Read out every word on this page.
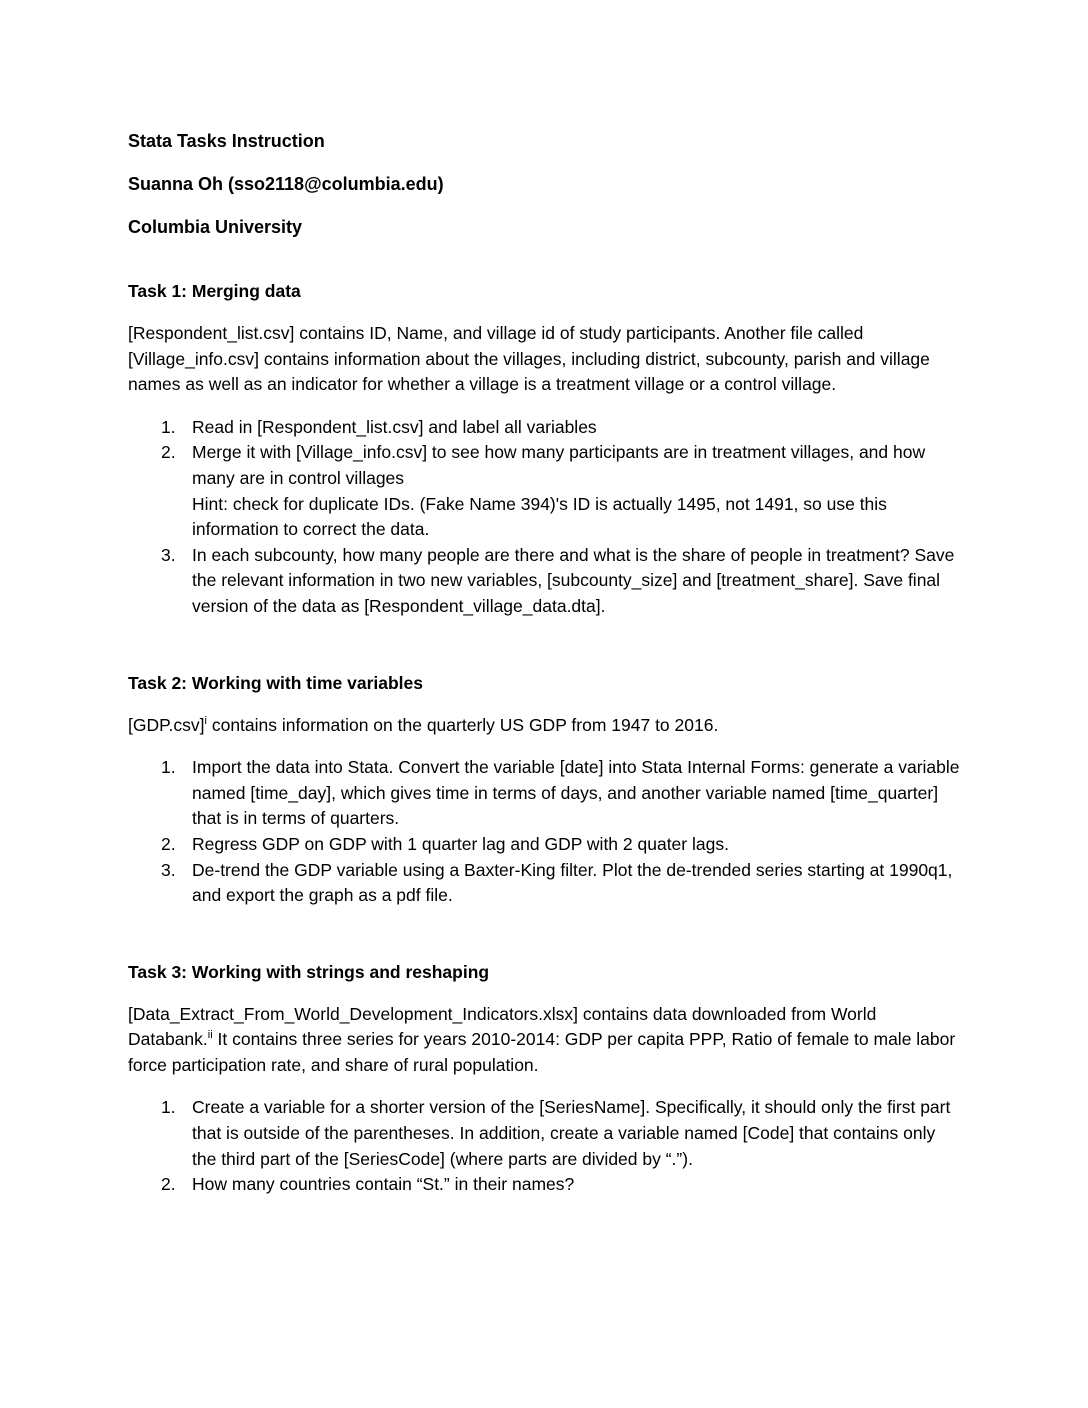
Stata Tasks Instruction

Suanna Oh (sso2118@columbia.edu)

Columbia University

Task 1: Merging data

[Respondent_list.csv] contains ID, Name, and village id of study participants. Another file called [Village_info.csv] contains information about the villages, including district, subcounty, parish and village names as well as an indicator for whether a village is a treatment village or a control village.

Read in [Respondent_list.csv] and label all variables
Merge it with [Village_info.csv] to see how many participants are in treatment villages, and how many are in control villages
Hint: check for duplicate IDs. (Fake Name 394)'s ID is actually 1495, not 1491, so use this information to correct the data.
In each subcounty, how many people are there and what is the share of people in treatment? Save the relevant information in two new variables, [subcounty_size] and [treatment_share]. Save final version of the data as [Respondent_village_data.dta].

Task 2: Working with time variables

[GDP.csv]$^i$ contains information on the quarterly US GDP from 1947 to 2016.

Import the data into Stata. Convert the variable [date] into Stata Internal Forms: generate a variable named [time_day], which gives time in terms of days, and another variable named [time_quarter] that is in terms of quarters.
Regress GDP on GDP with 1 quarter lag and GDP with 2 quater lags.
De-trend the GDP variable using a Baxter-King filter. Plot the de-trended series starting at 1990q1, and export the graph as a pdf file.

Task 3: Working with strings and reshaping

[Data_Extract_From_World_Development_Indicators.xlsx] contains data downloaded from World Databank.$^{ii}$ It contains three series for years 2010-2014: GDP per capita PPP, Ratio of female to male labor force participation rate, and share of rural population.

Create a variable for a shorter version of the [SeriesName]. Specifically, it should only the first part that is outside of the parentheses. In addition, create a variable named [Code] that contains only the third part of the [SeriesCode] (where parts are divided by “.”).
How many countries contain “St.” in their names?
